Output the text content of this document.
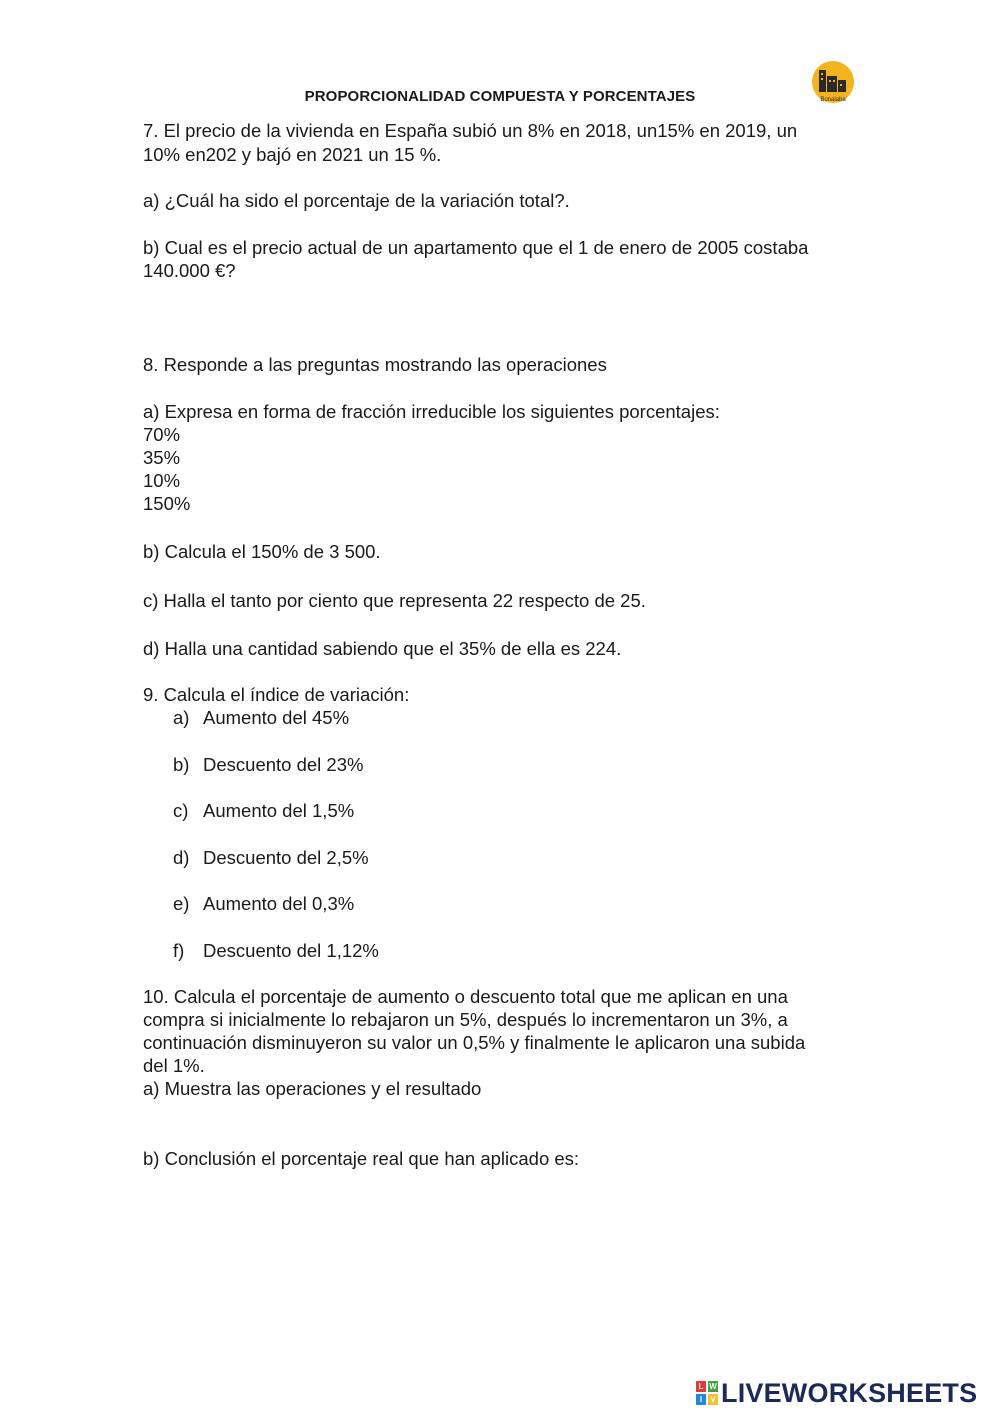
PROPORCIONALIDAD COMPUESTA Y PORCENTAJES	Bonalaba
7. El precio de la vivienda en España subió un 8% en 2018, un15% en 2019, un
10% en202 y bajó en 2021 un 15 %.
a) ¿Cuál ha sido el porcentaje de la variación total?.
b) Cual es el precio actual de un apartamento que el 1 de enero de 2005 costaba
140.000 €?
8. Responde a las preguntas mostrando las operaciones
a) Expresa en forma de fracción irreducible los siguientes porcentajes:
70%
35%
10%
150%
b) Calcula el 150% de 3 500.
c) Halla el tanto por ciento que representa 22 respecto de 25.
d) Halla una cantidad sabiendo que el 35% de ella es 224.
9. Calcula el índice de variación:
a) Aumento del 45%
b) Descuento del 23%
c) Aumento del 1,5%
d) Descuento del 2,5%
e) Aumento del 0,3%
f) Descuento del 1,12%
10. Calcula el porcentaje de aumento o descuento total que me aplican en una
compra si inicialmente lo rebajaron un 5%, después lo incrementaron un 3%, a
continuación disminuyeron su valor un 0,5% y finalmente le aplicaron una subida
del 1%.
a) Muestra las operaciones y el resultado
b) Conclusión el porcentaje real que han aplicado es:
L W
I	V LIVEWORKSHEETS
